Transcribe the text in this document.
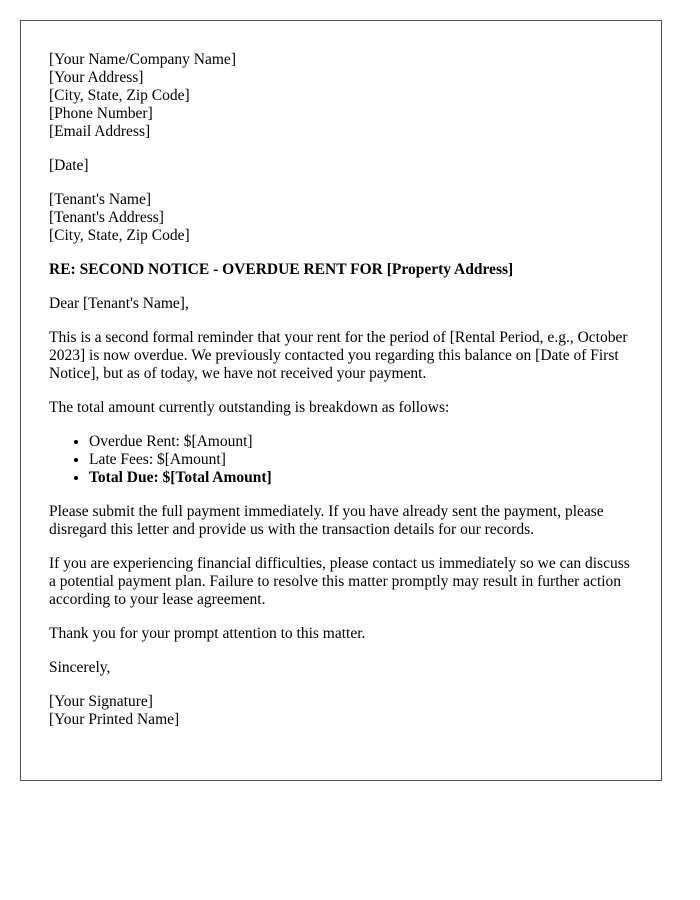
[Your Name/Company Name]
[Your Address]
[City, State, Zip Code]
[Phone Number]
[Email Address]
[Date]
[Tenant's Name]
[Tenant's Address]
[City, State, Zip Code]
RE: SECOND NOTICE - OVERDUE RENT FOR [Property Address]

Dear [Tenant's Name],

This is a second formal reminder that your rent for the period of [Rental Period, e.g., October 2023] is now overdue. We previously contacted you regarding this balance on [Date of First Notice], but as of today, we have not received your payment.

The total amount currently outstanding is breakdown as follows:

• Overdue Rent: $[Amount]
• Late Fees: $[Amount]
• Total Due: $[Total Amount]

Please submit the full payment immediately. If you have already sent the payment, please disregard this letter and provide us with the transaction details for our records.

If you are experiencing financial difficulties, please contact us immediately so we can discuss a potential payment plan. Failure to resolve this matter promptly may result in further action according to your lease agreement.

Thank you for your prompt attention to this matter.

Sincerely,

[Your Signature]
[Your Printed Name]
